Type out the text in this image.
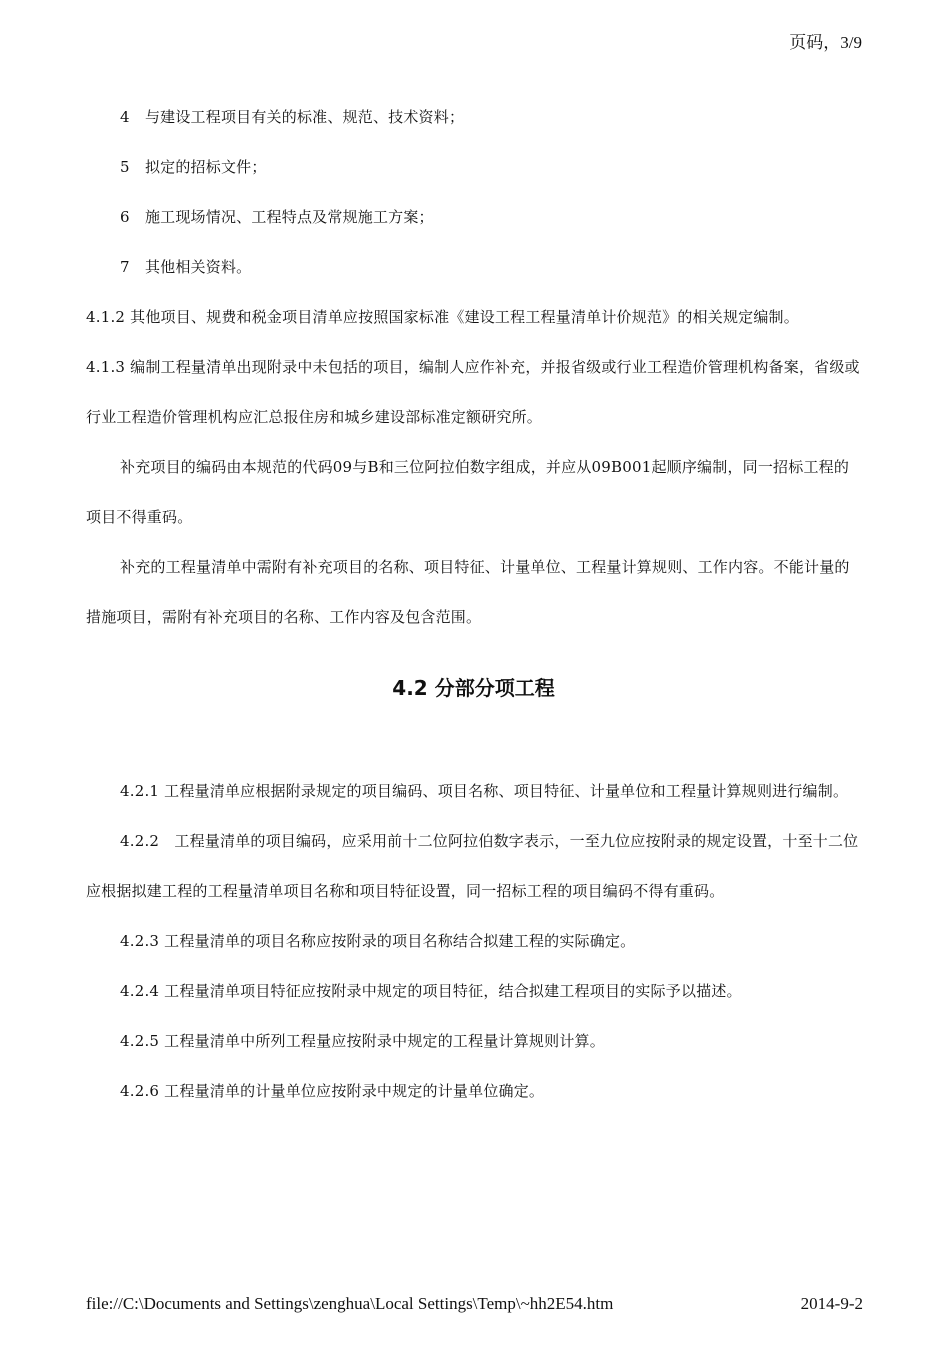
页码，3/9

4　与建设工程项目有关的标准、规范、技术资料；

5　拟定的招标文件；

6　施工现场情况、工程特点及常规施工方案；

7　其他相关资料。

4.1.2 其他项目、规费和税金项目清单应按照国家标准《建设工程工程量清单计价规范》的相关规定编制。

4.1.3 编制工程量清单出现附录中未包括的项目，编制人应作补充，并报省级或行业工程造价管理机构备案，省级或行业工程造价管理机构应汇总报住房和城乡建设部标准定额研究所。

补充项目的编码由本规范的代码09与B和三位阿拉伯数字组成，并应从09B001起顺序编制，同一招标工程的项目不得重码。

补充的工程量清单中需附有补充项目的名称、项目特征、计量单位、工程量计算规则、工作内容。不能计量的措施项目，需附有补充项目的名称、工作内容及包含范围。

4.2 分部分项工程

4.2.1 工程量清单应根据附录规定的项目编码、项目名称、项目特征、计量单位和工程量计算规则进行编制。

4.2.2　工程量清单的项目编码，应采用前十二位阿拉伯数字表示，一至九位应按附录的规定设置，十至十二位应根据拟建工程的工程量清单项目名称和项目特征设置，同一招标工程的项目编码不得有重码。

4.2.3 工程量清单的项目名称应按附录的项目名称结合拟建工程的实际确定。

4.2.4 工程量清单项目特征应按附录中规定的项目特征，结合拟建工程项目的实际予以描述。

4.2.5 工程量清单中所列工程量应按附录中规定的工程量计算规则计算。

4.2.6 工程量清单的计量单位应按附录中规定的计量单位确定。

file://C:\Documents and Settings\zenghua\Local Settings\Temp\~hh2E54.htm	2014-9-2
